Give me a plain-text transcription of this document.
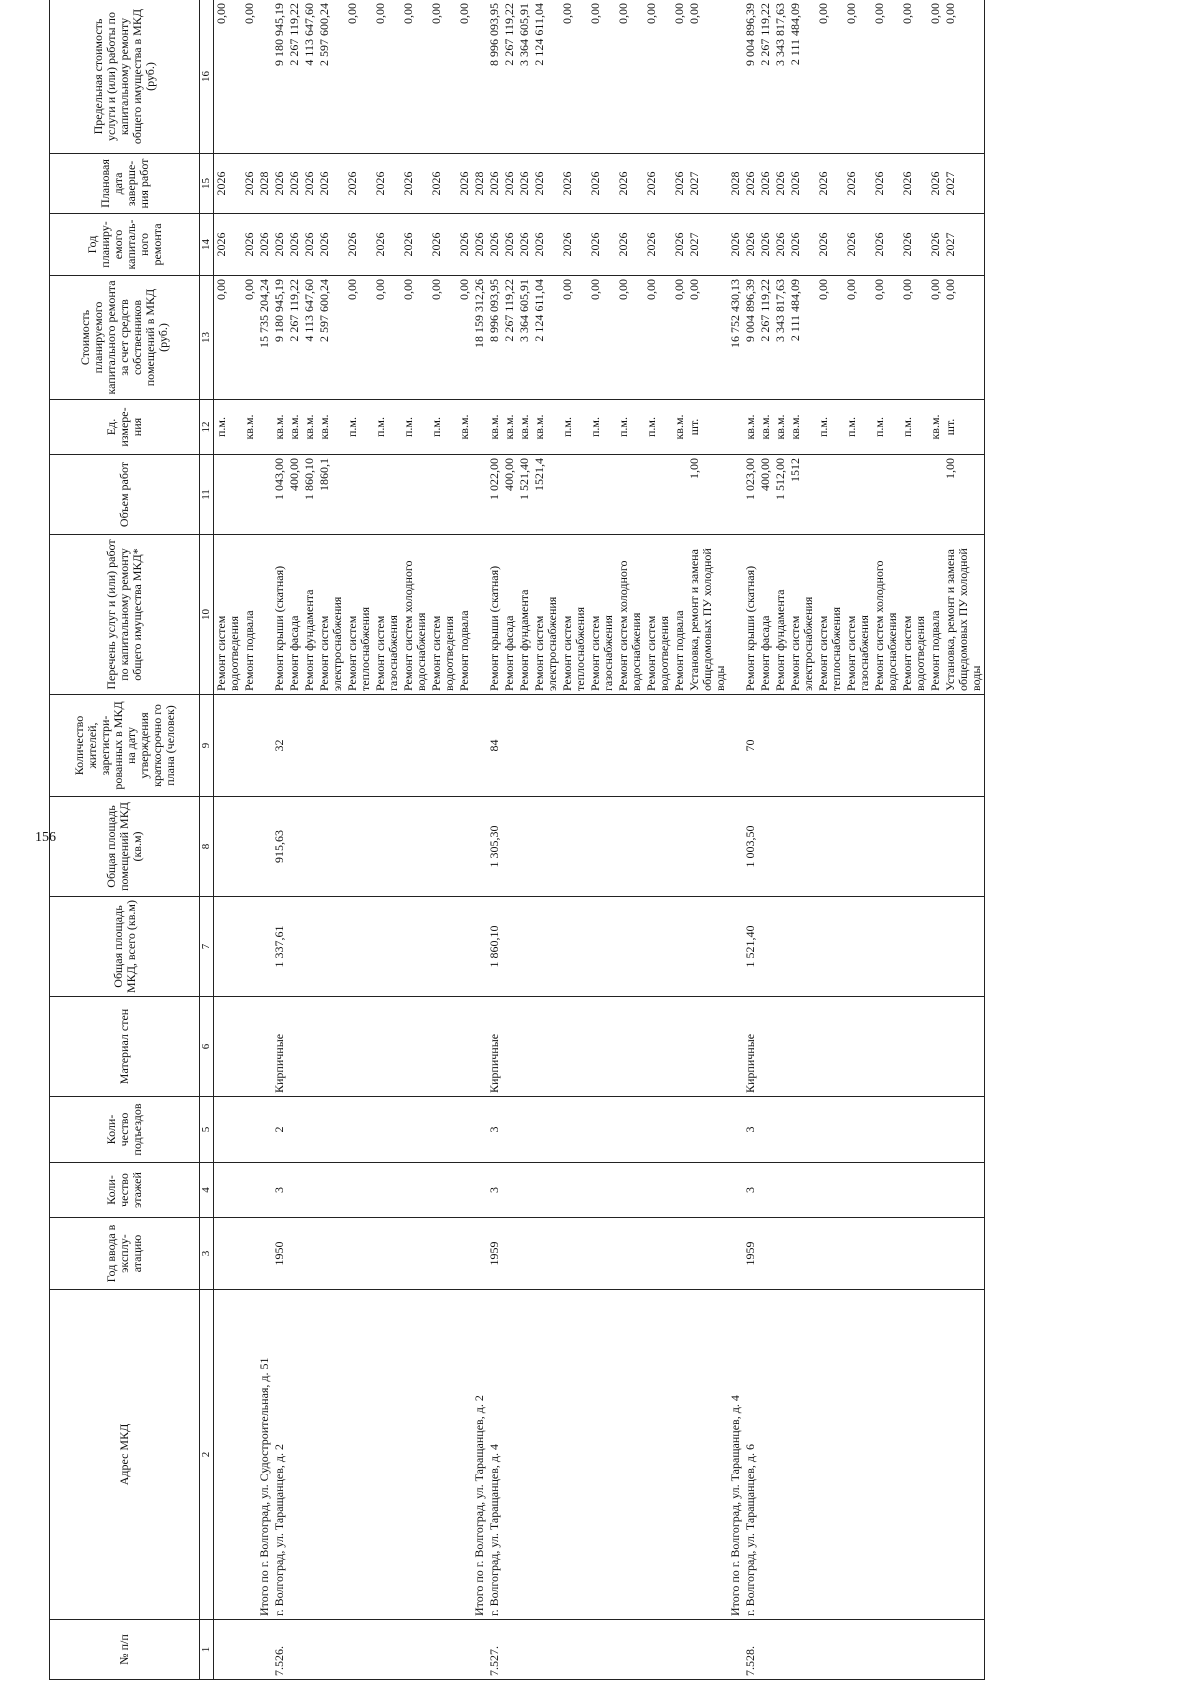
156
№ п/п	Адрес МКД	Год ввода в эксплу-атацию	Коли-чество этажей	Коли-чество подъездов	Материал стен	Общая площадь МКД, всего (кв.м)	Общая площадь помещений МКД (кв.м)	Количество жителей, зарегистри-рованных в МКД на дату утверждения краткосрочно го плана (человек)	Перечень услуг и (или) работ по капитальному ремонту общего имущества МКД*	Объем работ	Ед. измере-ния	Стоимость планируемого капитального ремонта за счет средств собственников помещений в МКД (руб.)	Год планиру-емого капиталь-ного ремонта	Плановая дата заверше-ния работ	Предельная стоимость услуги и (или) работы по капитальному ремонту общего имущества в МКД (руб.)
1	2	3	4	5	6	7	8	9	10	11	12	13	14	15	16
									Ремонт систем водоотведения		п.м.	0,00	2026	2026	0,00
									Ремонт подвала		кв.м.	0,00	2026	2026	0,00
	Итого по г. Волгоград, ул. Судостроительная, д. 51											15 735 204,24	2026	2028	
7.526.	г. Волгоград, ул. Таращанцев, д. 2	1950	3	2	Кирпичные	1 337,61	915,63	32	Ремонт крыши (скатная)	1 043,00	кв.м.	9 180 945,19	2026	2026	9 180 945,19
									Ремонт фасада	400,00	кв.м.	2 267 119,22	2026	2026	2 267 119,22
									Ремонт фундамента	1 860,10	кв.м.	4 113 647,60	2026	2026	4 113 647,60
									Ремонт систем электроснабжения	1860,1	кв.м.	2 597 600,24	2026	2026	2 597 600,24
									Ремонт систем теплоснабжения		п.м.	0,00	2026	2026	0,00
									Ремонт систем газоснабжения		п.м.	0,00	2026	2026	0,00
									Ремонт систем холодного водоснабжения		п.м.	0,00	2026	2026	0,00
									Ремонт систем водоотведения		п.м.	0,00	2026	2026	0,00
									Ремонт подвала		кв.м.	0,00	2026	2026	0,00
	Итого по г. Волгоград, ул. Таращанцев, д. 2											18 159 312,26	2026	2028	
7.527.	г. Волгоград, ул. Таращанцев, д. 4	1959	3	3	Кирпичные	1 860,10	1 305,30	84	Ремонт крыши (скатная)	1 022,00	кв.м.	8 996 093,95	2026	2026	8 996 093,95
									Ремонт фасада	400,00	кв.м.	2 267 119,22	2026	2026	2 267 119,22
									Ремонт фундамента	1 521,40	кв.м.	3 364 605,91	2026	2026	3 364 605,91
									Ремонт систем электроснабжения	1521,4	кв.м.	2 124 611,04	2026	2026	2 124 611,04
									Ремонт систем теплоснабжения		п.м.	0,00	2026	2026	0,00
									Ремонт систем газоснабжения		п.м.	0,00	2026	2026	0,00
									Ремонт систем холодного водоснабжения		п.м.	0,00	2026	2026	0,00
									Ремонт систем водоотведения		п.м.	0,00	2026	2026	0,00
									Ремонт подвала		кв.м.	0,00	2026	2026	0,00
									Установка, ремонт и замена общедомовых ПУ холодной воды	1,00	шт.	0,00	2027	2027	0,00
	Итого по г. Волгоград, ул. Таращанцев, д. 4											16 752 430,13	2026	2028	
7.528.	г. Волгоград, ул. Таращанцев, д. 6	1959	3	3	Кирпичные	1 521,40	1 003,50	70	Ремонт крыши (скатная)	1 023,00	кв.м.	9 004 896,39	2026	2026	9 004 896,39
									Ремонт фасада	400,00	кв.м.	2 267 119,22	2026	2026	2 267 119,22
									Ремонт фундамента	1 512,00	кв.м.	3 343 817,63	2026	2026	3 343 817,63
									Ремонт систем электроснабжения	1512	кв.м.	2 111 484,09	2026	2026	2 111 484,09
									Ремонт систем теплоснабжения		п.м.	0,00	2026	2026	0,00
									Ремонт систем газоснабжения		п.м.	0,00	2026	2026	0,00
									Ремонт систем холодного водоснабжения		п.м.	0,00	2026	2026	0,00
									Ремонт систем водоотведения		п.м.	0,00	2026	2026	0,00
									Ремонт подвала		кв.м.	0,00	2026	2026	0,00
									Установка, ремонт и замена общедомовых ПУ холодной воды	1,00	шт.	0,00	2027	2027	0,00
